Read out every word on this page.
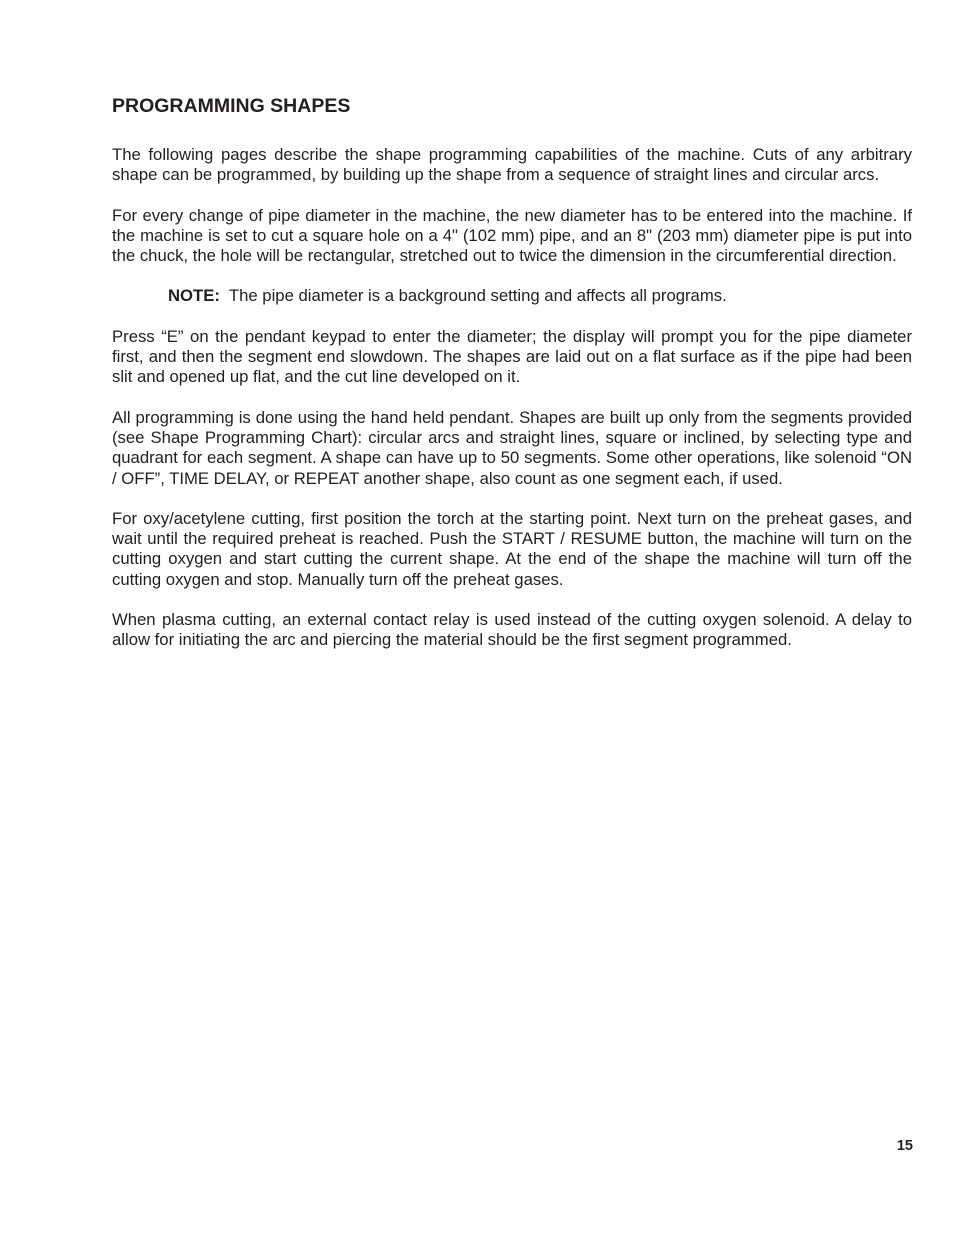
PROGRAMMING SHAPES

The following pages describe the shape programming capabilities of the machine. Cuts of any arbitrary shape can be programmed, by building up the shape from a sequence of straight lines and circular arcs.

For every change of pipe diameter in the machine, the new diameter has to be entered into the machine. If the machine is set to cut a square hole on a 4" (102 mm) pipe, and an 8" (203 mm) diameter pipe is put into the chuck, the hole will be rectangular, stretched out to twice the dimension in the circumferential direction.

NOTE: The pipe diameter is a background setting and affects all programs.

Press “E” on the pendant keypad to enter the diameter; the display will prompt you for the pipe diameter first, and then the segment end slowdown. The shapes are laid out on a flat surface as if the pipe had been slit and opened up flat, and the cut line developed on it.

All programming is done using the hand held pendant. Shapes are built up only from the segments provided (see Shape Programming Chart): circular arcs and straight lines, square or inclined, by selecting type and quadrant for each segment. A shape can have up to 50 segments. Some other operations, like solenoid “ON / OFF”, TIME DELAY, or REPEAT another shape, also count as one segment each, if used.

For oxy/acetylene cutting, first position the torch at the starting point. Next turn on the preheat gases, and wait until the required preheat is reached. Push the START / RESUME button, the machine will turn on the cutting oxygen and start cutting the current shape. At the end of the shape the machine will turn off the cutting oxygen and stop. Manually turn off the preheat gases.

When plasma cutting, an external contact relay is used instead of the cutting oxygen solenoid. A delay to allow for initiating the arc and piercing the material should be the first segment programmed.

15
